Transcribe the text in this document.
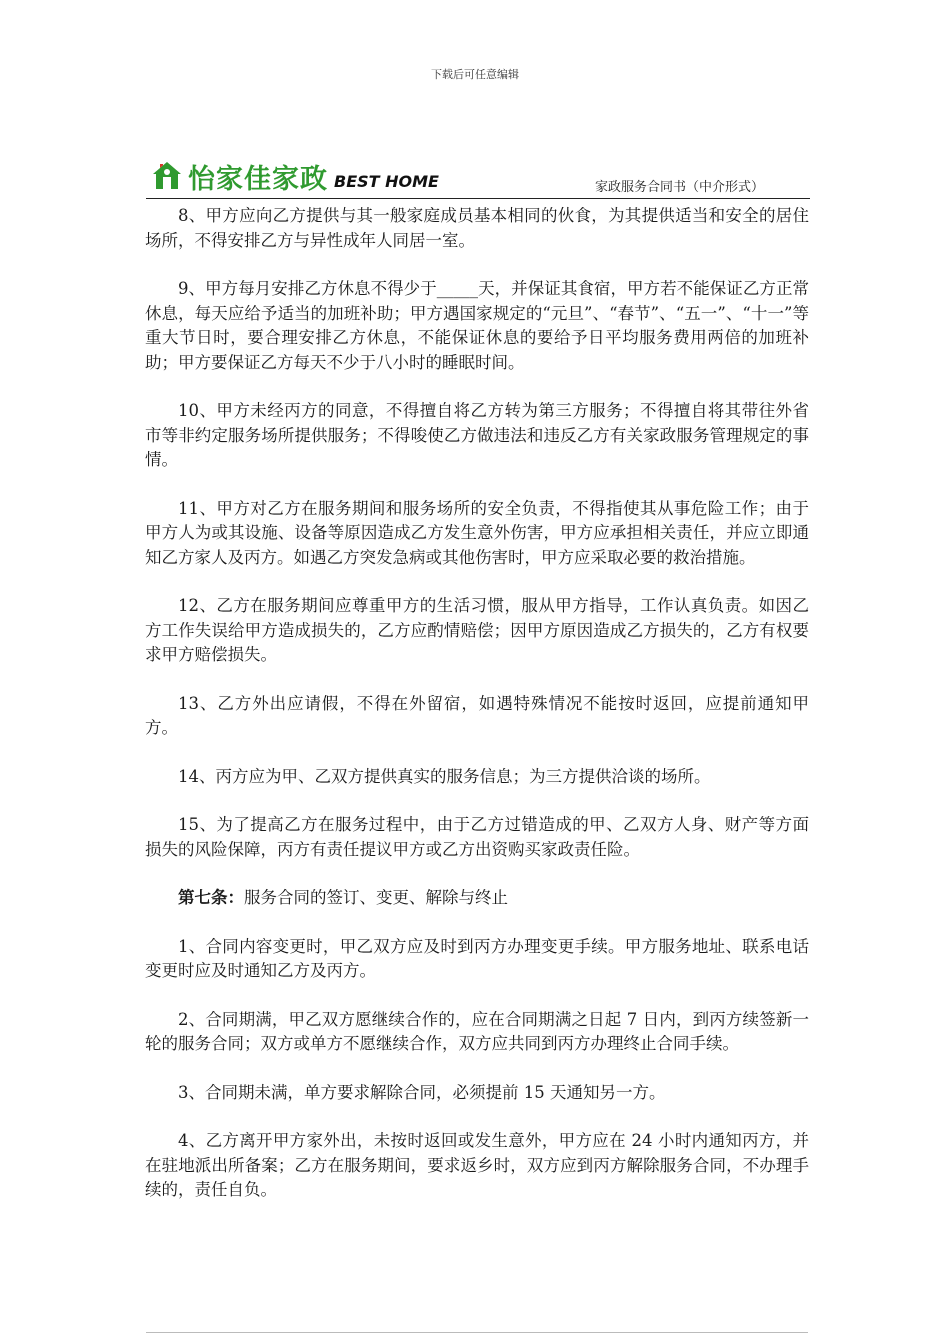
下载后可任意编辑
怡家佳家政 BEST HOME	家政服务合同书（中介形式）

8、甲方应向乙方提供与其一般家庭成员基本相同的伙食，为其提供适当和安全的居住场所，不得安排乙方与异性成年人同居一室。

9、甲方每月安排乙方休息不得少于_____天，并保证其食宿，甲方若不能保证乙方正常休息，每天应给予适当的加班补助；甲方遇国家规定的“元旦”、“春节”、“五一”、“十一”等重大节日时，要合理安排乙方休息，不能保证休息的要给予日平均服务费用两倍的加班补助；甲方要保证乙方每天不少于八小时的睡眠时间。

10、甲方未经丙方的同意，不得擅自将乙方转为第三方服务；不得擅自将其带往外省市等非约定服务场所提供服务；不得唆使乙方做违法和违反乙方有关家政服务管理规定的事情。

11、甲方对乙方在服务期间和服务场所的安全负责，不得指使其从事危险工作；由于甲方人为或其设施、设备等原因造成乙方发生意外伤害，甲方应承担相关责任，并应立即通知乙方家人及丙方。如遇乙方突发急病或其他伤害时，甲方应采取必要的救治措施。

12、乙方在服务期间应尊重甲方的生活习惯，服从甲方指导，工作认真负责。如因乙方工作失误给甲方造成损失的，乙方应酌情赔偿；因甲方原因造成乙方损失的，乙方有权要求甲方赔偿损失。

13、乙方外出应请假，不得在外留宿，如遇特殊情况不能按时返回，应提前通知甲方。

14、丙方应为甲、乙双方提供真实的服务信息；为三方提供洽谈的场所。

15、为了提高乙方在服务过程中，由于乙方过错造成的甲、乙双方人身、财产等方面损失的风险保障，丙方有责任提议甲方或乙方出资购买家政责任险。

第七条：服务合同的签订、变更、解除与终止

1、合同内容变更时，甲乙双方应及时到丙方办理变更手续。甲方服务地址、联系电话变更时应及时通知乙方及丙方。

2、合同期满，甲乙双方愿继续合作的，应在合同期满之日起 7 日内，到丙方续签新一轮的服务合同；双方或单方不愿继续合作，双方应共同到丙方办理终止合同手续。

3、合同期未满，单方要求解除合同，必须提前 15 天通知另一方。

4、乙方离开甲方家外出，未按时返回或发生意外，甲方应在 24 小时内通知丙方，并在驻地派出所备案；乙方在服务期间，要求返乡时，双方应到丙方解除服务合同，不办理手续的，责任自负。
